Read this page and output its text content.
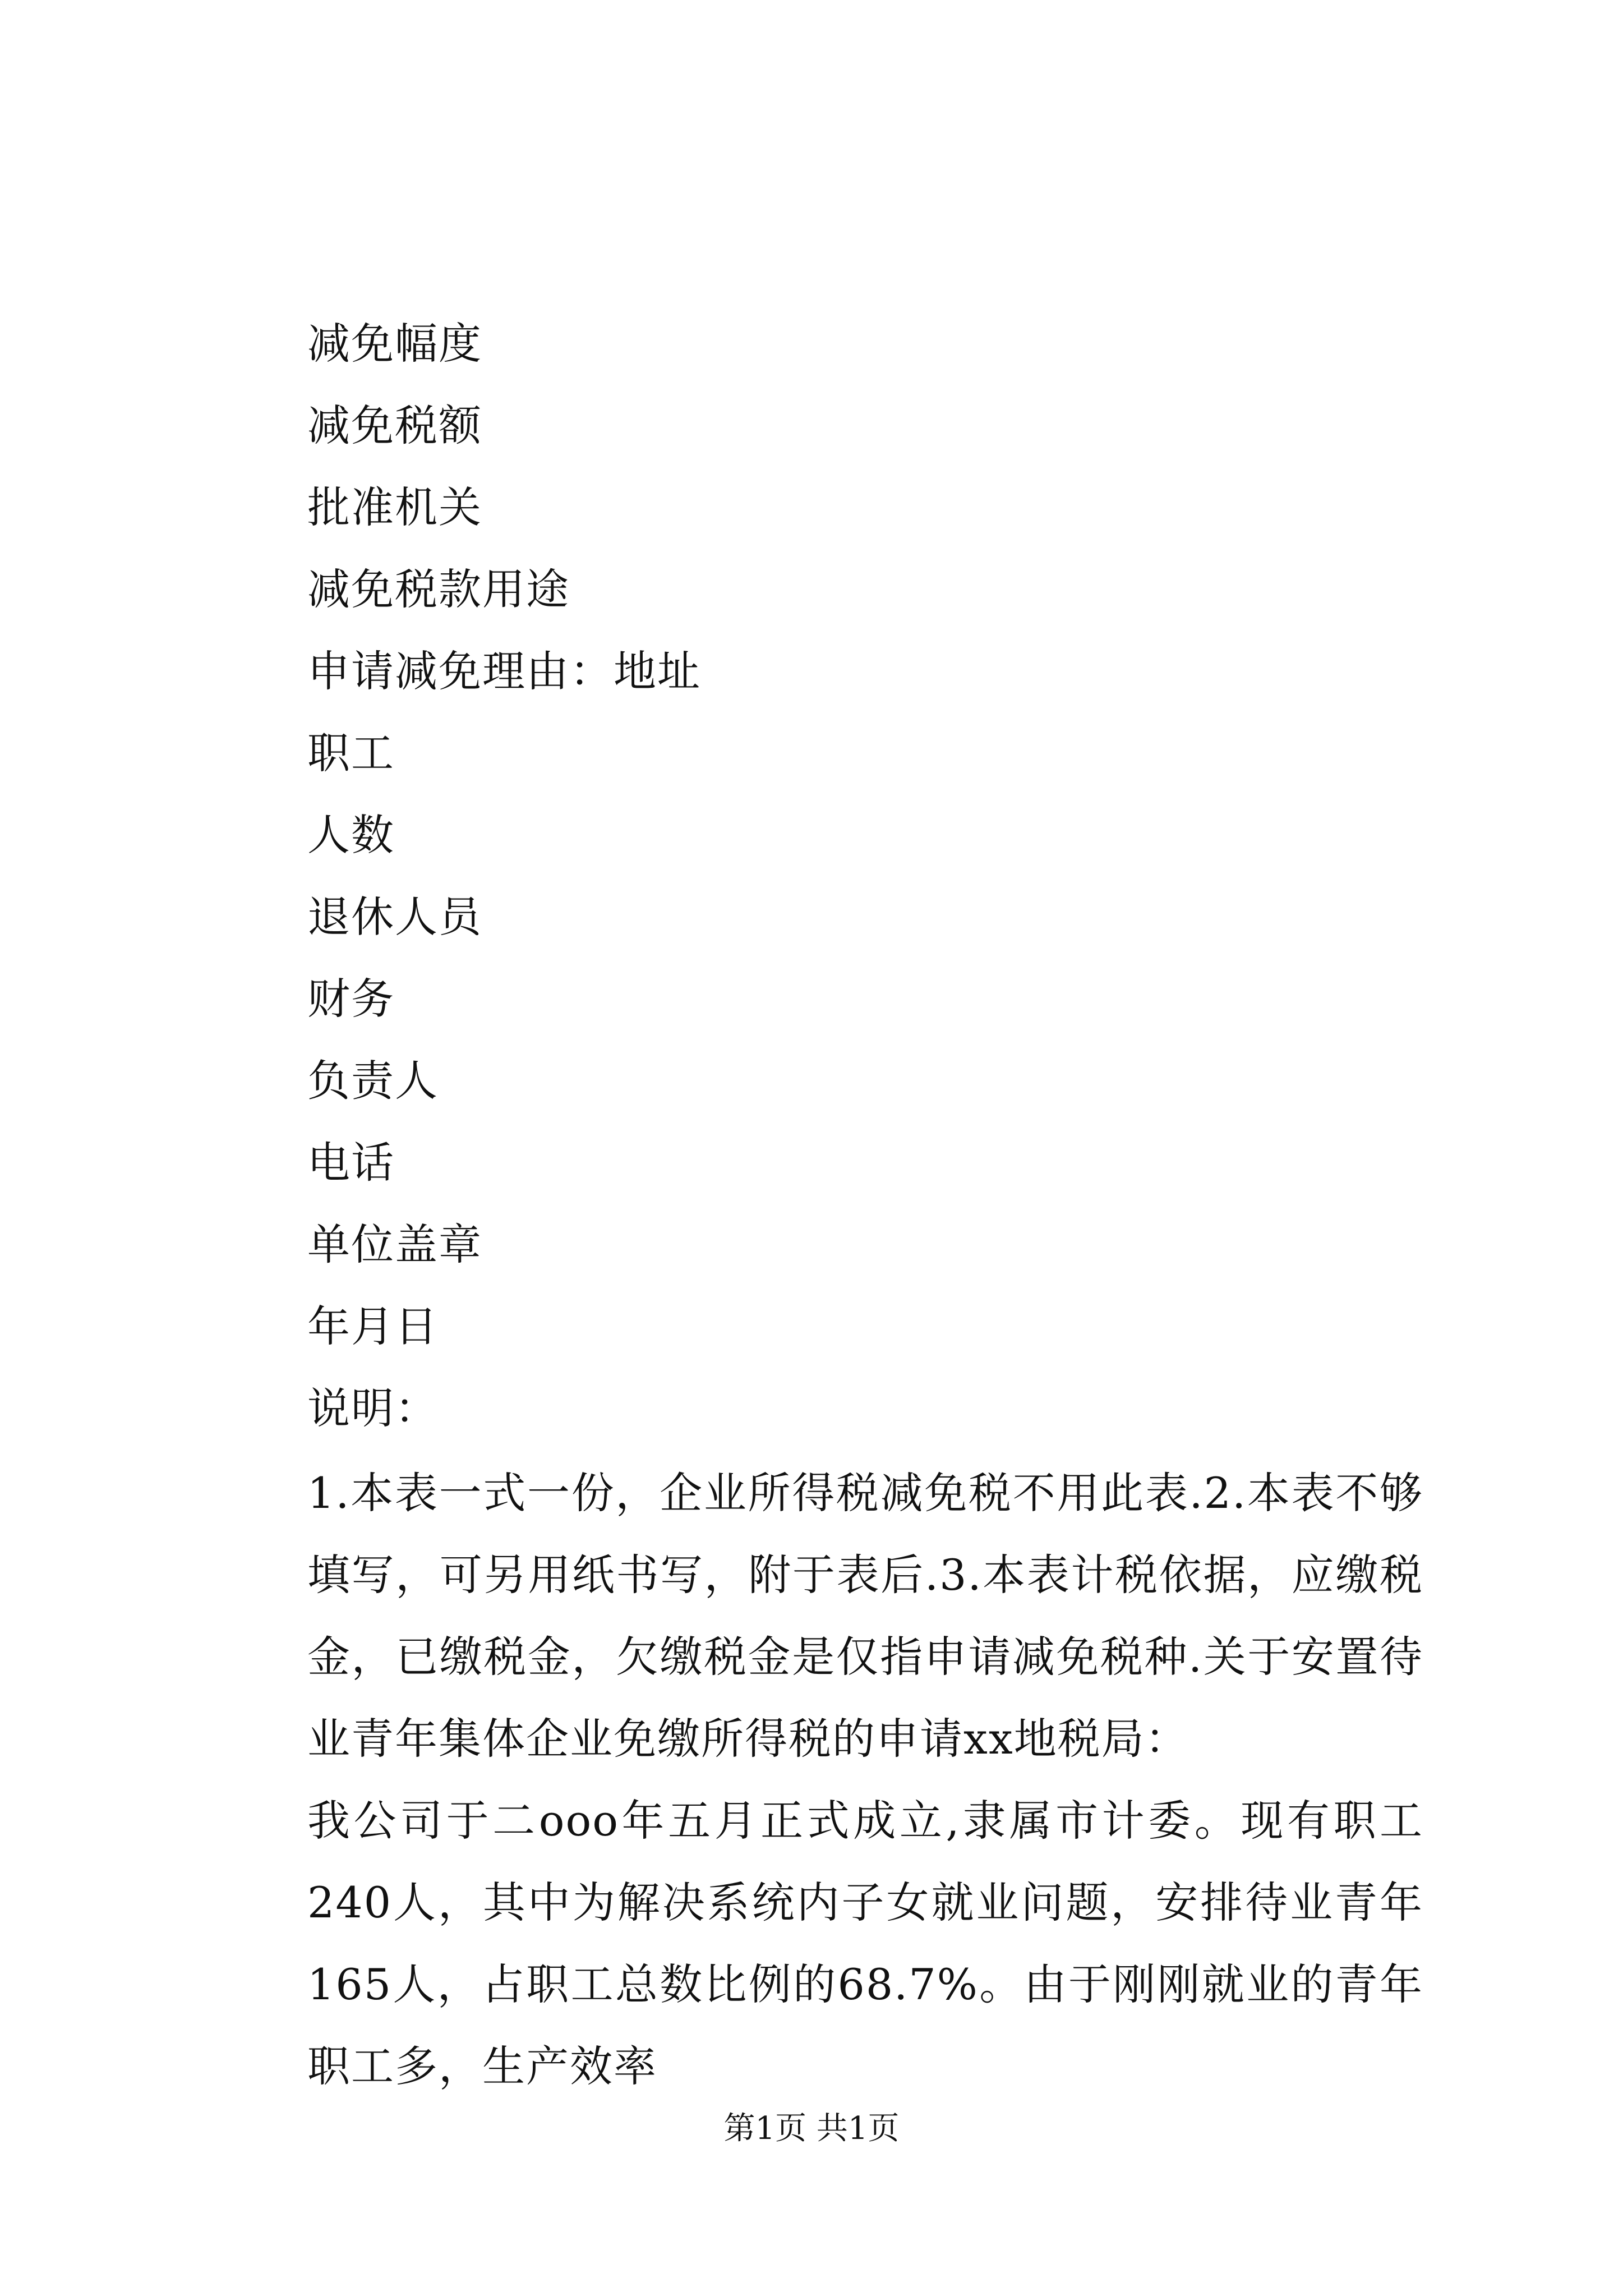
减免幅度
减免税额
批准机关
减免税款用途
申请减免理由：地址
职工
人数
退休人员
财务
负责人
电话
单位盖章
年月日
说明：

1.本表一式一份，企业所得税减免税不用此表.2.本表不够填写，可另用纸书写，附于表后.3.本表计税依据，应缴税金，已缴税金，欠缴税金是仅指申请减免税种.关于安置待业青年集体企业免缴所得税的申请xx地税局：

我公司于二ooo年五月正式成立,隶属市计委。现有职工240人，其中为解决系统内子女就业问题，安排待业青年165人，占职工总数比例的68.7%。由于刚刚就业的青年职工多，生产效率

第1页 共1页
